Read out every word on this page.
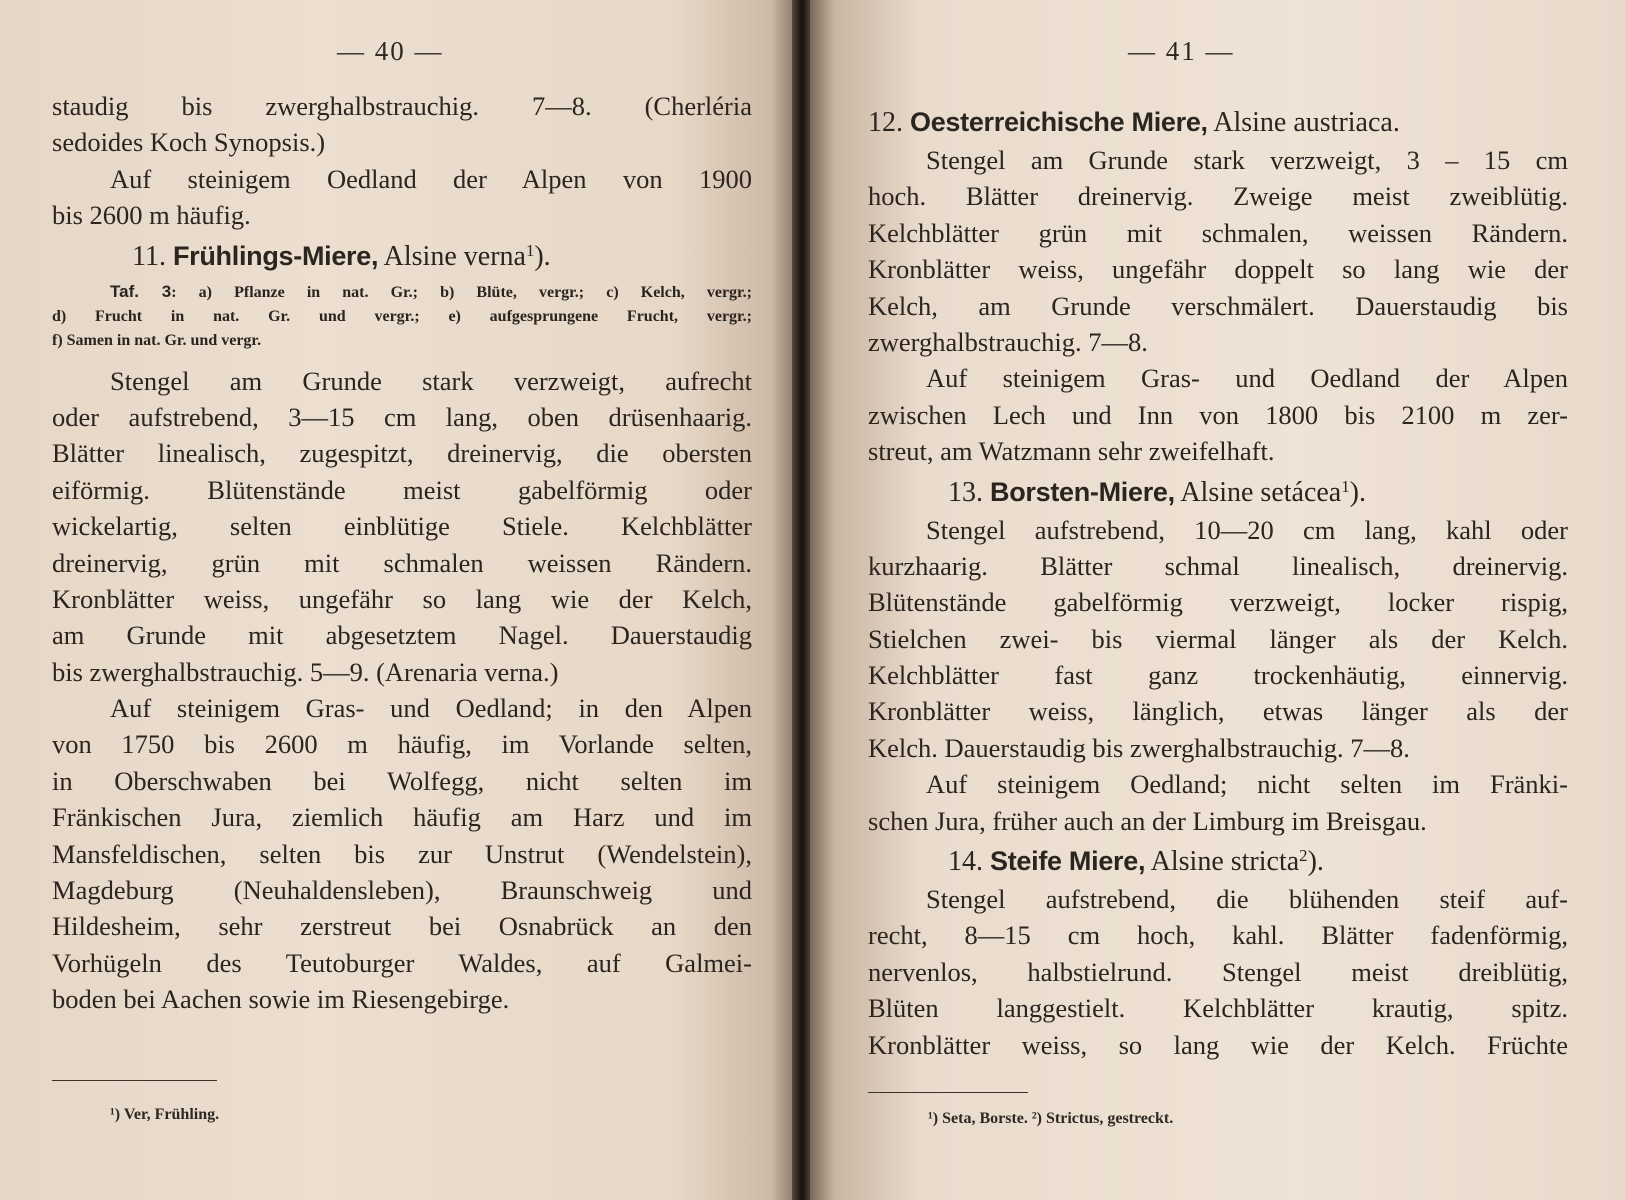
— 40 —
staudig bis zwerghalbstrauchig. 7—8. (Cherléria
sedoides Koch Synopsis.)
Auf steinigem Oedland der Alpen von 1900
bis 2600 m häufig.
11. Frühlings-Miere, Alsine verna$^1$).
Taf. 3: a) Pflanze in nat. Gr.; b) Blüte, vergr.; c) Kelch, vergr.;
d) Frucht in nat. Gr. und vergr.; e) aufgesprungene Frucht, vergr.;
f) Samen in nat. Gr. und vergr.
Stengel am Grunde stark verzweigt, aufrecht
oder aufstrebend, 3—15 cm lang, oben drüsenhaarig.
Blätter linealisch, zugespitzt, dreinervig, die obersten
eiförmig. Blütenstände meist gabelförmig oder
wickelartig, selten einblütige Stiele. Kelchblätter
dreinervig, grün mit schmalen weissen Rändern.
Kronblätter weiss, ungefähr so lang wie der Kelch,
am Grunde mit abgesetztem Nagel. Dauerstaudig
bis zwerghalbstrauchig. 5—9. (Arenaria verna.)
Auf steinigem Gras- und Oedland; in den Alpen
von 1750 bis 2600 m häufig, im Vorlande selten,
in Oberschwaben bei Wolfegg, nicht selten im
Fränkischen Jura, ziemlich häufig am Harz und im
Mansfeldischen, selten bis zur Unstrut (Wendelstein),
Magdeburg (Neuhaldensleben), Braunschweig und
Hildesheim, sehr zerstreut bei Osnabrück an den
Vorhügeln des Teutoburger Waldes, auf Galmei-
boden bei Aachen sowie im Riesengebirge.
¹) Ver, Frühling.
— 41 —
12. Oesterreichische Miere, Alsine austriaca.
Stengel am Grunde stark verzweigt, 3 – 15 cm
hoch. Blätter dreinervig. Zweige meist zweiblütig.
Kelchblätter grün mit schmalen, weissen Rändern.
Kronblätter weiss, ungefähr doppelt so lang wie der
Kelch, am Grunde verschmälert. Dauerstaudig bis
zwerghalbstrauchig. 7—8.
Auf steinigem Gras- und Oedland der Alpen
zwischen Lech und Inn von 1800 bis 2100 m zer-
streut, am Watzmann sehr zweifelhaft.
13. Borsten-Miere, Alsine setácea$^1$).
Stengel aufstrebend, 10—20 cm lang, kahl oder
kurzhaarig. Blätter schmal linealisch, dreinervig.
Blütenstände gabelförmig verzweigt, locker rispig,
Stielchen zwei- bis viermal länger als der Kelch.
Kelchblätter fast ganz trockenhäutig, einnervig.
Kronblätter weiss, länglich, etwas länger als der
Kelch. Dauerstaudig bis zwerghalbstrauchig. 7—8.
Auf steinigem Oedland; nicht selten im Fränki-
schen Jura, früher auch an der Limburg im Breisgau.
14. Steife Miere, Alsine stricta$^2$).
Stengel aufstrebend, die blühenden steif auf-
recht, 8—15 cm hoch, kahl. Blätter fadenförmig,
nervenlos, halbstielrund. Stengel meist dreiblütig,
Blüten langgestielt. Kelchblätter krautig, spitz.
Kronblätter weiss, so lang wie der Kelch. Früchte
¹) Seta, Borste. ²) Strictus, gestreckt.
